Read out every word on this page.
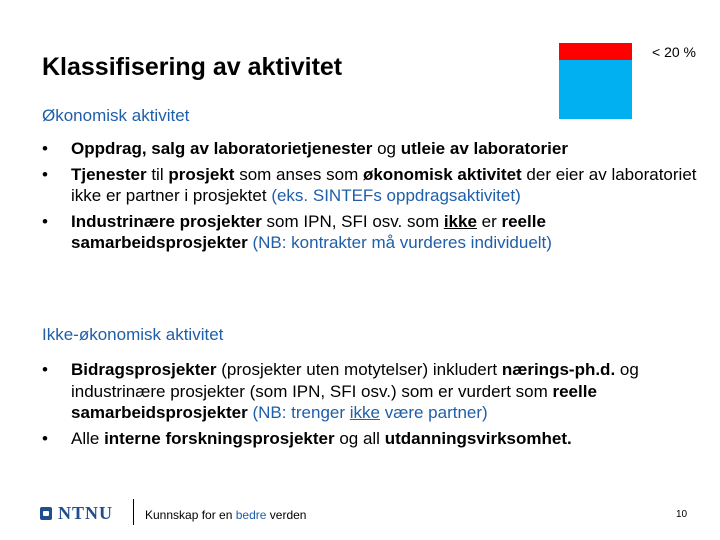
Klassifisering av aktivitet
< 20 %
Økonomisk aktivitet
• Oppdrag, salg av laboratorietjenester og utleie av laboratorier
• Tjenester til prosjekt som anses som økonomisk aktivitet der eier av laboratoriet ikke er partner i prosjektet (eks. SINTEFs oppdragsaktivitet)
• Industrinære prosjekter som IPN, SFI osv. som ikke er reelle samarbeidsprosjekter (NB: kontrakter må vurderes individuelt)
Ikke-økonomisk aktivitet
• Bidragsprosjekter (prosjekter uten motytelser) inkludert nærings-ph.d. og industrinære prosjekter (som IPN, SFI osv.) som er vurdert som reelle samarbeidsprosjekter (NB: trenger ikke være partner)
• Alle interne forskningsprosjekter og all utdanningsvirksomhet.
NTNU	Kunnskap for en bedre verden	10
